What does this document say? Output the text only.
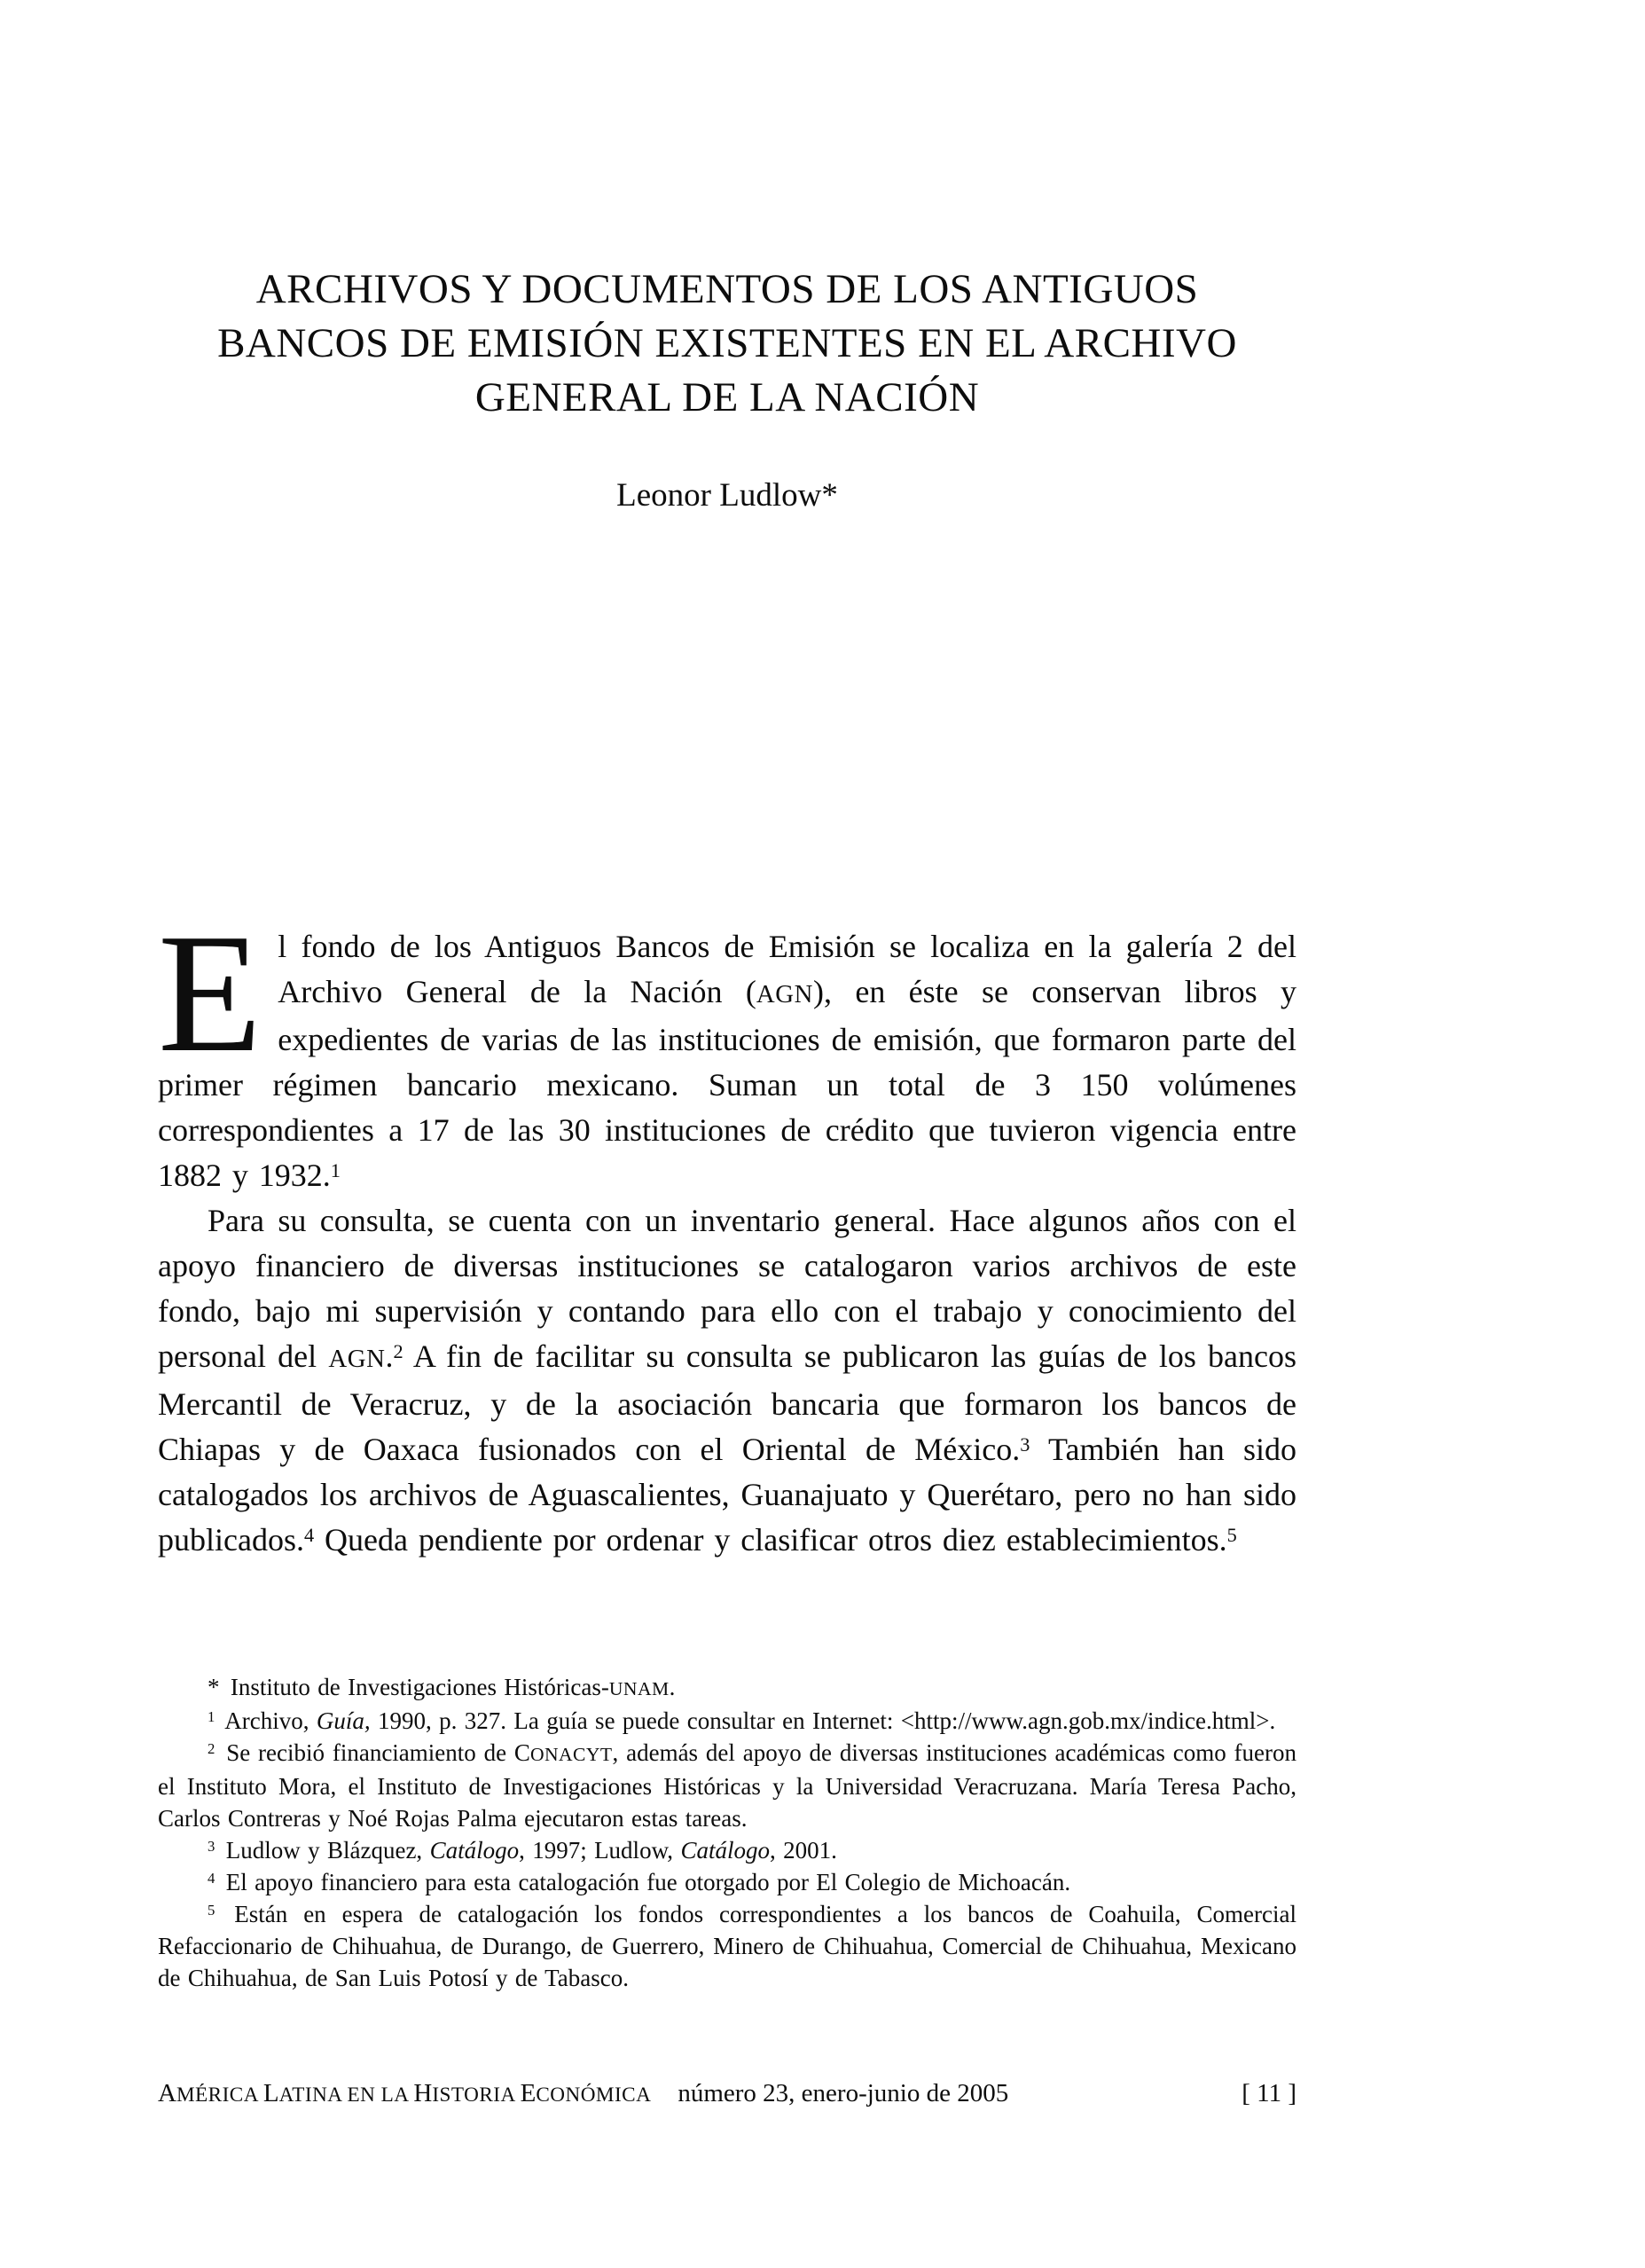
ARCHIVOS Y DOCUMENTOS DE LOS ANTIGUOS
BANCOS DE EMISIÓN EXISTENTES EN EL ARCHIVO
GENERAL DE LA NACIÓN
Leonor Ludlow*

El fondo de los Antiguos Bancos de Emisión se localiza en la galería 2 del Archivo General de la Nación (AGN), en éste se conservan libros y expedientes de varias de las instituciones de emisión, que formaron parte del primer régimen bancario mexicano. Suman un total de 3 150 volúmenes correspondientes a 17 de las 30 instituciones de crédito que tuvieron vigencia entre 1882 y 1932.$^1$

Para su consulta, se cuenta con un inventario general. Hace algunos años con el apoyo financiero de diversas instituciones se catalogaron varios archivos de este fondo, bajo mi supervisión y contando para ello con el trabajo y conocimiento del personal del AGN.$^2$ A fin de facilitar su consulta se publicaron las guías de los bancos Mercantil de Veracruz, y de la asociación bancaria que formaron los bancos de Chiapas y de Oaxaca fusionados con el Oriental de México.$^3$ También han sido catalogados los archivos de Aguascalientes, Guanajuato y Querétaro, pero no han sido publicados.$^4$ Queda pendiente por ordenar y clasificar otros diez establecimientos.$^5$

* Instituto de Investigaciones Históricas-UNAM.

$^1$ Archivo, Guía, 1990, p. 327. La guía se puede consultar en Internet: <http://www.agn.gob.mx/indice.html>.

$^2$ Se recibió financiamiento de CONACYT, además del apoyo de diversas instituciones académicas como fueron el Instituto Mora, el Instituto de Investigaciones Históricas y la Universidad Veracruzana. María Teresa Pacho, Carlos Contreras y Noé Rojas Palma ejecutaron estas tareas.

$^3$ Ludlow y Blázquez, Catálogo, 1997; Ludlow, Catálogo, 2001.

$^4$ El apoyo financiero para esta catalogación fue otorgado por El Colegio de Michoacán.

$^5$ Están en espera de catalogación los fondos correspondientes a los bancos de Coahuila, Comercial Refaccionario de Chihuahua, de Durango, de Guerrero, Minero de Chihuahua, Comercial de Chihuahua, Mexicano de Chihuahua, de San Luis Potosí y de Tabasco.

AMÉRICA LATINA EN LA HISTORIA ECONÓMICA número 23, enero-junio de 2005	[ 11 ]
